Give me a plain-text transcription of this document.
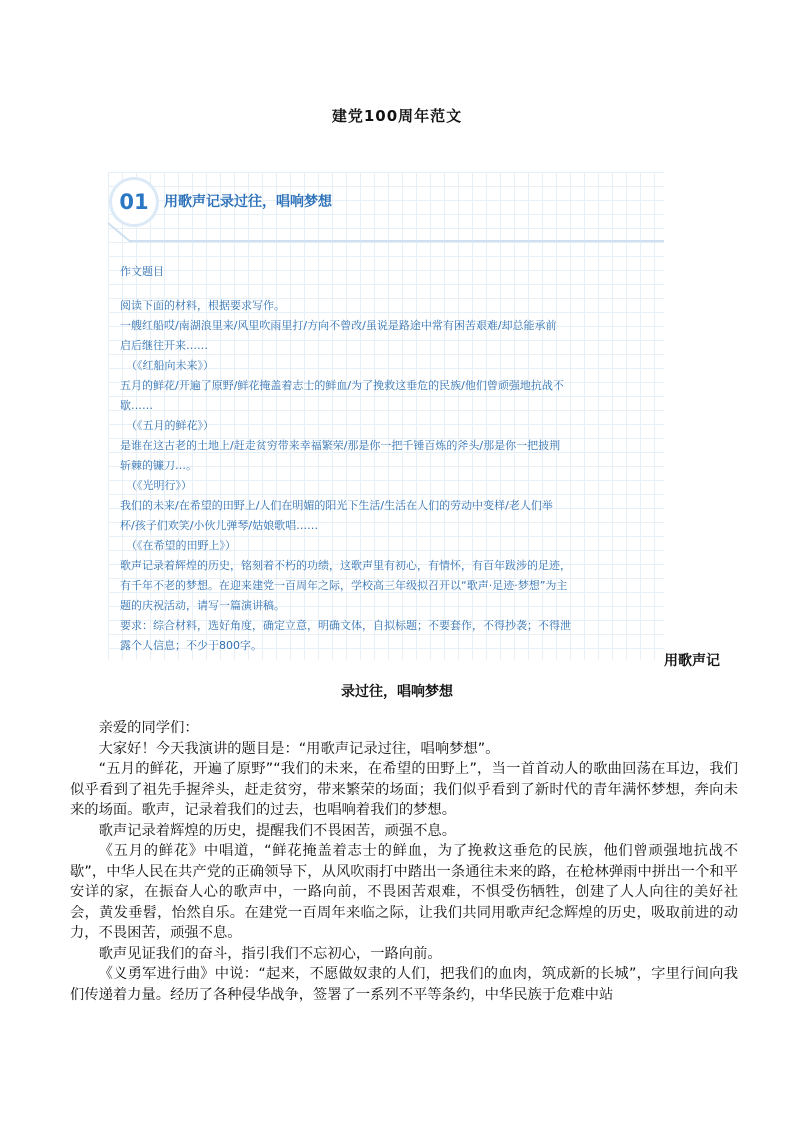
建党100周年范文
01	用歌声记录过往，唱响梦想
作文题目
阅读下面的材料，根据要求写作。
一艘红船哎/南湖浪里来/风里吹雨里打/方向不曾改/虽说是路途中常有困苦艰难/却总能承前
启后继往开来……
（《红船向未来》）
五月的鲜花/开遍了原野/鲜花掩盖着志士的鲜血/为了挽救这垂危的民族/他们曾顽强地抗战不
歇……
（《五月的鲜花》）
是谁在这古老的土地上/赶走贫穷带来幸福繁荣/那是你一把千锤百炼的斧头/那是你一把披荆
斩棘的镰刀…。
（《光明行》）
我们的未来/在希望的田野上/人们在明媚的阳光下生活/生活在人们的劳动中变样/老人们举
杯/孩子们欢笑/小伙儿弹琴/姑娘歌唱……
（《在希望的田野上》）
歌声记录着辉煌的历史，铭刻着不朽的功绩，这歌声里有初心，有情怀，有百年跋涉的足迹，
有千年不老的梦想。在迎来建党一百周年之际，学校高三年级拟召开以“歌声·足迹·梦想”为主
题的庆祝活动，请写一篇演讲稿。
要求：综合材料，选好角度，确定立意，明确文体，自拟标题；不要套作，不得抄袭；不得泄
露个人信息；不少于800字。
用歌声记
录过往，唱响梦想

亲爱的同学们：

大家好！今天我演讲的题目是：“用歌声记录过往，唱响梦想”。

“五月的鲜花，开遍了原野”“我们的未来，在希望的田野上”，当一首首动人的歌曲回荡在耳边，我们似乎看到了祖先手握斧头，赶走贫穷，带来繁荣的场面；我们似乎看到了新时代的青年满怀梦想，奔向未来的场面。歌声，记录着我们的过去，也唱响着我们的梦想。

歌声记录着辉煌的历史，提醒我们不畏困苦，顽强不息。

《五月的鲜花》中唱道，“鲜花掩盖着志士的鲜血，为了挽救这垂危的民族，他们曾顽强地抗战不歇”，中华人民在共产党的正确领导下，从风吹雨打中踏出一条通往未来的路，在枪林弹雨中拼出一个和平安详的家，在振奋人心的歌声中，一路向前，不畏困苦艰难，不惧受伤牺牲，创建了人人向往的美好社会，黄发垂髫，怡然自乐。在建党一百周年来临之际，让我们共同用歌声纪念辉煌的历史，吸取前进的动力，不畏困苦，顽强不息。

歌声见证我们的奋斗，指引我们不忘初心，一路向前。

《义勇军进行曲》中说：“起来，不愿做奴隶的人们，把我们的血肉，筑成新的长城”，字里行间向我们传递着力量。经历了各种侵华战争，签署了一系列不平等条约，中华民族于危难中站
